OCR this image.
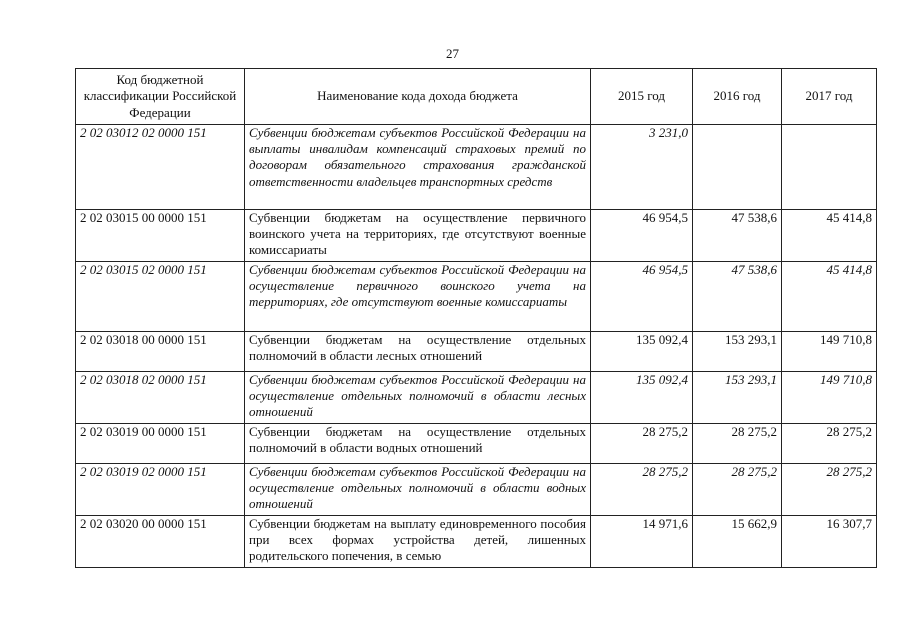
27
Код бюджетной классификации Российской Федерации	Наименование кода дохода бюджета	2015 год	2016 год	2017 год
2 02 03012 02 0000 151	Субвенции бюджетам субъектов Российской Федерации на выплаты инвалидам компенсаций страховых премий по договорам обязательного страхования гражданской ответственности владельцев транспортных средств	3 231,0		
2 02 03015 00 0000 151	Субвенции бюджетам на осуществление первичного воинского учета на территориях, где отсутствуют военные комиссариаты	46 954,5	47 538,6	45 414,8
2 02 03015 02 0000 151	Субвенции бюджетам субъектов Российской Федерации на осуществление первичного воинского учета на территориях, где отсутствуют военные комиссариаты	46 954,5	47 538,6	45 414,8
2 02 03018 00 0000 151	Субвенции бюджетам на осуществление отдельных полномочий в области лесных отношений	135 092,4	153 293,1	149 710,8
2 02 03018 02 0000 151	Субвенции бюджетам субъектов Российской Федерации на осуществление отдельных полномочий в области лесных отношений	135 092,4	153 293,1	149 710,8
2 02 03019 00 0000 151	Субвенции бюджетам на осуществление отдельных полномочий в области водных отношений	28 275,2	28 275,2	28 275,2
2 02 03019 02 0000 151	Субвенции бюджетам субъектов Российской Федерации на осуществление отдельных полномочий в области водных отношений	28 275,2	28 275,2	28 275,2
2 02 03020 00 0000 151	Субвенции бюджетам на выплату единовременного пособия при всех формах устройства детей, лишенных родительского попечения, в семью	14 971,6	15 662,9	16 307,7
